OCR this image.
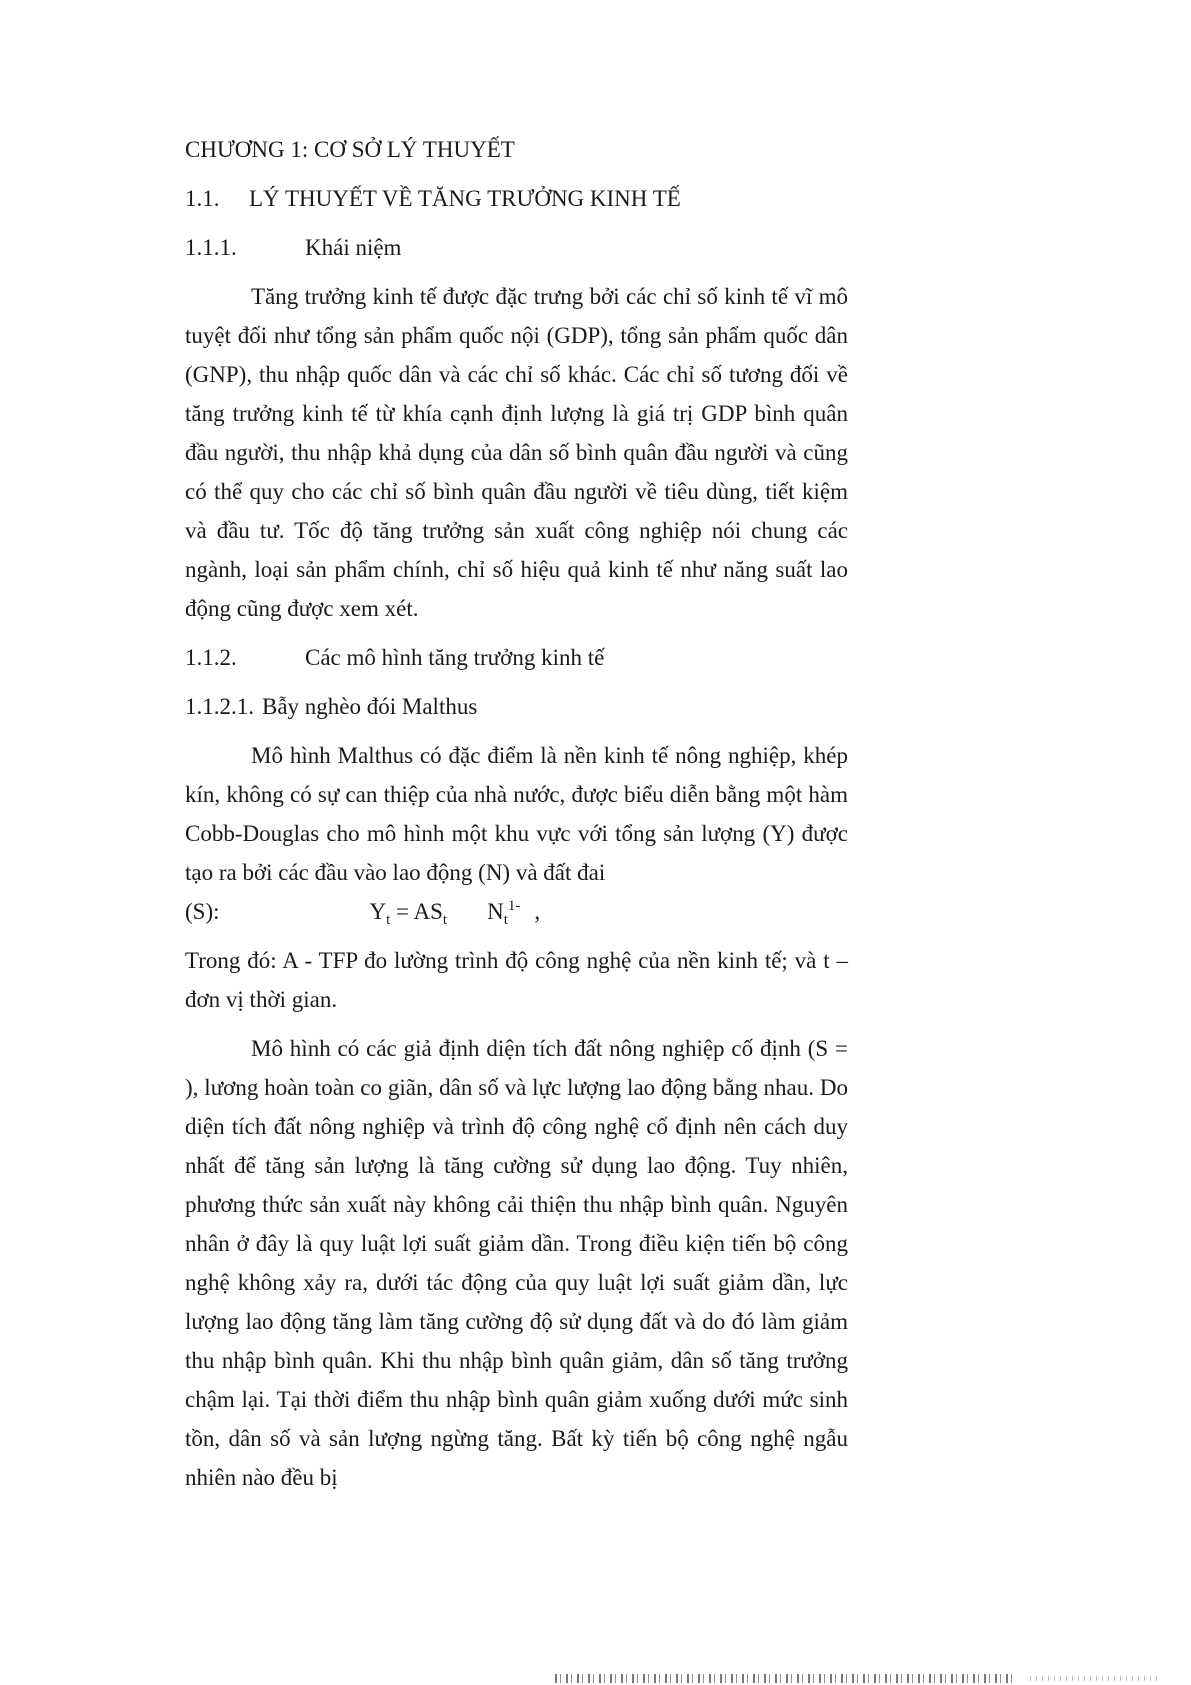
CHƯƠNG 1: CƠ SỞ LÝ THUYẾT
1.1. LÝ THUYẾT VỀ TĂNG TRƯỞNG KINH TẾ
1.1.1.	Khái niệm

Tăng trưởng kinh tế được đặc trưng bởi các chỉ số kinh tế vĩ mô tuyệt đối như tổng sản phẩm quốc nội (GDP), tổng sản phẩm quốc dân (GNP), thu nhập quốc dân và các chỉ số khác. Các chỉ số tương đối về tăng trưởng kinh tế từ khía cạnh định lượng là giá trị GDP bình quân đầu người, thu nhập khả dụng của dân số bình quân đầu người và cũng có thể quy cho các chỉ số bình quân đầu người về tiêu dùng, tiết kiệm và đầu tư. Tốc độ tăng trưởng sản xuất công nghiệp nói chung các ngành, loại sản phẩm chính, chỉ số hiệu quả kinh tế như năng suất lao động cũng được xem xét.

1.1.2.	Các mô hình tăng trưởng kinh tế
1.1.2.1. Bẫy nghèo đói Malthus

Mô hình Malthus có đặc điểm là nền kinh tế nông nghiệp, khép kín, không có sự can thiệp của nhà nước, được biểu diễn bằng một hàm Cobb-Douglas cho mô hình một khu vực với tổng sản lượng (Y) được tạo ra bởi các đầu vào lao động (N) và đất đai

(S):	$Y_t = AS_t$ $N_t^{1-}$ ,

Trong đó: A - TFP đo lường trình độ công nghệ của nền kinh tế; và t – đơn vị thời gian.

Mô hình có các giả định diện tích đất nông nghiệp cố định (S = ), lương hoàn toàn co giãn, dân số và lực lượng lao động bằng nhau. Do diện tích đất nông nghiệp và trình độ công nghệ cố định nên cách duy nhất để tăng sản lượng là tăng cường sử dụng lao động. Tuy nhiên, phương thức sản xuất này không cải thiện thu nhập bình quân. Nguyên nhân ở đây là quy luật lợi suất giảm dần. Trong điều kiện tiến bộ công nghệ không xảy ra, dưới tác động của quy luật lợi suất giảm dần, lực lượng lao động tăng làm tăng cường độ sử dụng đất và do đó làm giảm thu nhập bình quân. Khi thu nhập bình quân giảm, dân số tăng trưởng chậm lại. Tại thời điểm thu nhập bình quân giảm xuống dưới mức sinh tồn, dân số và sản lượng ngừng tăng. Bất kỳ tiến bộ công nghệ ngẫu nhiên nào đều bị
